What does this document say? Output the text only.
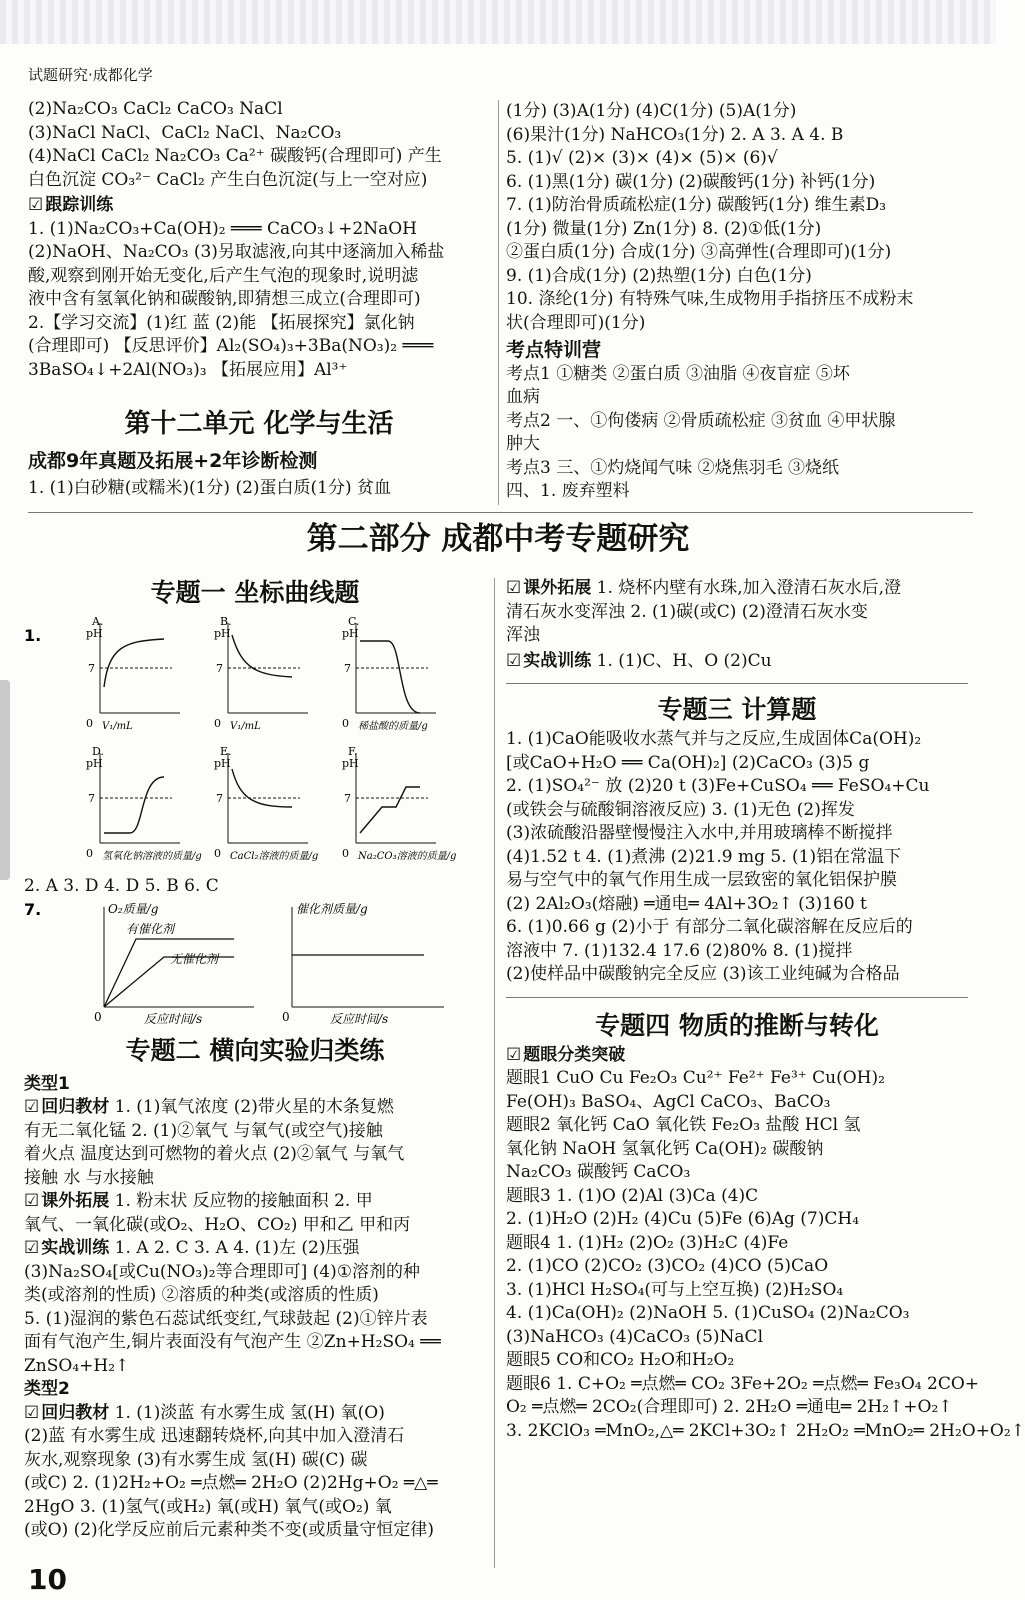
试题研究·成都化学

(2)Na₂CO₃ CaCl₂ CaCO₃ NaCl

(3)NaCl NaCl、CaCl₂ NaCl、Na₂CO₃

(4)NaCl CaCl₂ Na₂CO₃ Ca²⁺ 碳酸钙(合理即可) 产生

白色沉淀 CO₃²⁻ CaCl₂ 产生白色沉淀(与上一空对应)

☑ 跟踪训练

1. (1)Na₂CO₃+Ca(OH)₂ ═══ CaCO₃↓+2NaOH

(2)NaOH、Na₂CO₃ (3)另取滤液,向其中逐滴加入稀盐

酸,观察到刚开始无变化,后产生气泡的现象时,说明滤

液中含有氢氧化钠和碳酸钠,即猜想三成立(合理即可)

2.【学习交流】(1)红 蓝 (2)能 【拓展探究】氯化钠

(合理即可) 【反思评价】Al₂(SO₄)₃+3Ba(NO₃)₂ ═══

3BaSO₄↓+2Al(NO₃)₃ 【拓展应用】Al³⁺

第十二单元 化学与生活

成都9年真题及拓展+2年诊断检测

1. (1)白砂糖(或糯米)(1分) (2)蛋白质(1分) 贫血

(1分) (3)A(1分) (4)C(1分) (5)A(1分)

(6)果汁(1分) NaHCO₃(1分) 2. A 3. A 4. B

5. (1)√ (2)× (3)× (4)× (5)× (6)√

6. (1)黑(1分) 碳(1分) (2)碳酸钙(1分) 补钙(1分)

7. (1)防治骨质疏松症(1分) 碳酸钙(1分) 维生素D₃

(1分) 微量(1分) Zn(1分) 8. (2)①低(1分)

②蛋白质(1分) 合成(1分) ③高弹性(合理即可)(1分)

9. (1)合成(1分) (2)热塑(1分) 白色(1分)

10. 涤纶(1分) 有特殊气味,生成物用手指挤压不成粉末

状(合理即可)(1分)

考点特训营

考点1 ①糖类 ②蛋白质 ③油脂 ④夜盲症 ⑤坏

血病

考点2 一、①佝偻病 ②骨质疏松症 ③贫血 ④甲状腺

肿大

考点3 三、①灼烧闻气味 ②烧焦羽毛 ③烧纸

四、1. 废弃塑料

第二部分 成都中考专题研究
专题一 坐标曲线题
A.
pH
7
0 V₁/mL
B.
pH
7
0 V₁/mL
C.
pH
7
0 稀盐酸的质量/g
D.
pH
7
0 氢氧化钠溶液的质量/g
E.
pH
7
0 CaCl₂溶液的质量/g
F.
pH
7
0 Na₂CO₃溶液的质量/g
1.

2. A 3. D 4. D 5. B 6. C

7.	O₂质量/g
有催化剂
无催化剂
0	反应时间/s
催化剂质量/g
0	反应时间/s
专题二 横向实验归类练

类型1

☑ 回归教材 1. (1)氧气浓度 (2)带火星的木条复燃

有无二氧化锰 2. (1)②氧气 与氧气(或空气)接触

着火点 温度达到可燃物的着火点 (2)②氧气 与氧气

接触 水 与水接触

☑ 课外拓展 1. 粉末状 反应物的接触面积 2. 甲

氧气、一氧化碳(或O₂、H₂O、CO₂) 甲和乙 甲和丙

☑ 实战训练 1. A 2. C 3. A 4. (1)左 (2)压强

(3)Na₂SO₄[或Cu(NO₃)₂等合理即可] (4)①溶剂的种

类(或溶剂的性质) ②溶质的种类(或溶质的性质)

5. (1)湿润的紫色石蕊试纸变红,气球鼓起 (2)①锌片表

面有气泡产生,铜片表面没有气泡产生 ②Zn+H₂SO₄ ══

ZnSO₄+H₂↑

类型2

☑ 回归教材 1. (1)淡蓝 有水雾生成 氢(H) 氧(O)

(2)蓝 有水雾生成 迅速翻转烧杯,向其中加入澄清石

灰水,观察现象 (3)有水雾生成 氢(H) 碳(C) 碳

(或C) 2. (1)2H₂+O₂ ═点燃═ 2H₂O (2)2Hg+O₂ ═△═

2HgO 3. (1)氢气(或H₂) 氧(或H) 氧气(或O₂) 氧

(或O) (2)化学反应前后元素种类不变(或质量守恒定律)

☑ 课外拓展 1. 烧杯内壁有水珠,加入澄清石灰水后,澄

清石灰水变浑浊 2. (1)碳(或C) (2)澄清石灰水变

浑浊

☑ 实战训练 1. (1)C、H、O (2)Cu

专题三 计算题

1. (1)CaO能吸收水蒸气并与之反应,生成固体Ca(OH)₂

[或CaO+H₂O ══ Ca(OH)₂] (2)CaCO₃ (3)5 g

2. (1)SO₄²⁻ 放 (2)20 t (3)Fe+CuSO₄ ══ FeSO₄+Cu

(或铁会与硫酸铜溶液反应) 3. (1)无色 (2)挥发

(3)浓硫酸沿器壁慢慢注入水中,并用玻璃棒不断搅拌

(4)1.52 t 4. (1)煮沸 (2)21.9 mg 5. (1)铝在常温下

易与空气中的氧气作用生成一层致密的氧化铝保护膜

(2) 2Al₂O₃(熔融) ═通电═ 4Al+3O₂↑ (3)160 t

6. (1)0.66 g (2)小于 有部分二氧化碳溶解在反应后的

溶液中 7. (1)132.4 17.6 (2)80% 8. (1)搅拌

(2)使样品中碳酸钠完全反应 (3)该工业纯碱为合格品

专题四 物质的推断与转化

☑ 题眼分类突破

题眼1 CuO Cu Fe₂O₃ Cu²⁺ Fe²⁺ Fe³⁺ Cu(OH)₂

Fe(OH)₃ BaSO₄、AgCl CaCO₃、BaCO₃

题眼2 氧化钙 CaO 氧化铁 Fe₂O₃ 盐酸 HCl 氢

氧化钠 NaOH 氢氧化钙 Ca(OH)₂ 碳酸钠

Na₂CO₃ 碳酸钙 CaCO₃

题眼3 1. (1)O (2)Al (3)Ca (4)C

2. (1)H₂O (2)H₂ (4)Cu (5)Fe (6)Ag (7)CH₄

题眼4 1. (1)H₂ (2)O₂ (3)H₂C (4)Fe

2. (1)CO (2)CO₂ (3)CO₂ (4)CO (5)CaO

3. (1)HCl H₂SO₄(可与上空互换) (2)H₂SO₄

4. (1)Ca(OH)₂ (2)NaOH 5. (1)CuSO₄ (2)Na₂CO₃

(3)NaHCO₃ (4)CaCO₃ (5)NaCl

题眼5 CO和CO₂ H₂O和H₂O₂

题眼6 1. C+O₂ ═点燃═ CO₂ 3Fe+2O₂ ═点燃═ Fe₃O₄ 2CO+

O₂ ═点燃═ 2CO₂(合理即可) 2. 2H₂O ═通电═ 2H₂↑+O₂↑

3. 2KClO₃ ═MnO₂,△═ 2KCl+3O₂↑ 2H₂O₂ ═MnO₂═ 2H₂O+O₂↑

10
